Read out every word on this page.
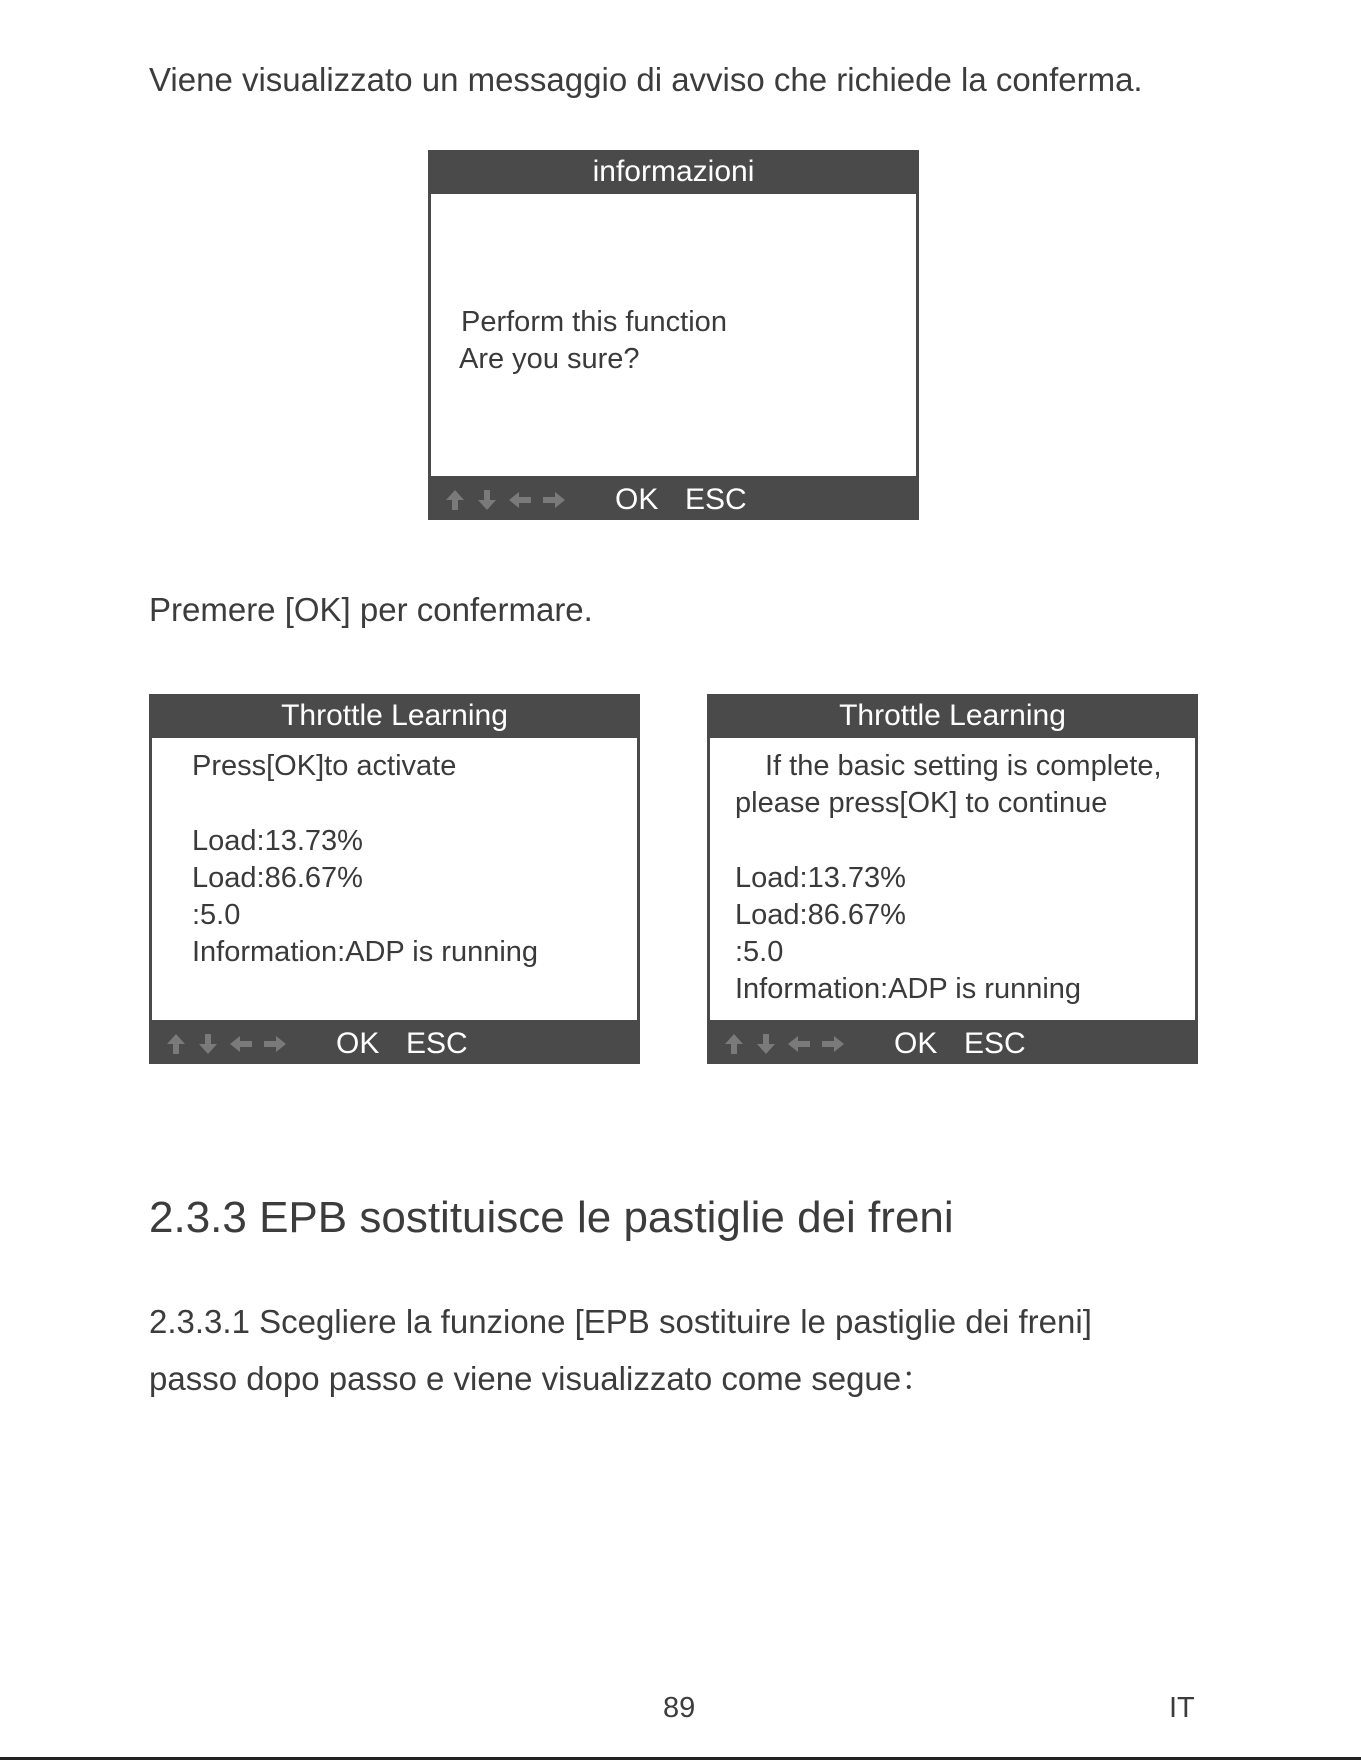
Viene visualizzato un messaggio di avviso che richiede la conferma.

informazioni
Perform this function
Are you sure?
OK ESC

Premere [OK] per confermare.

Throttle Learning
Press[OK]to activate
Load:13.73%
Load:86.67%
:5.0
Information:ADP is running
OK ESC
Throttle Learning
If the basic setting is complete,
please press[OK] to continue
Load:13.73%
Load:86.67%
:5.0
Information:ADP is running
OK ESC
2.3.3 EPB sostituisce le pastiglie dei freni

2.3.3.1 Scegliere la funzione [EPB sostituire le pastiglie dei freni]

passo dopo passo e viene visualizzato come segue：

89	IT
